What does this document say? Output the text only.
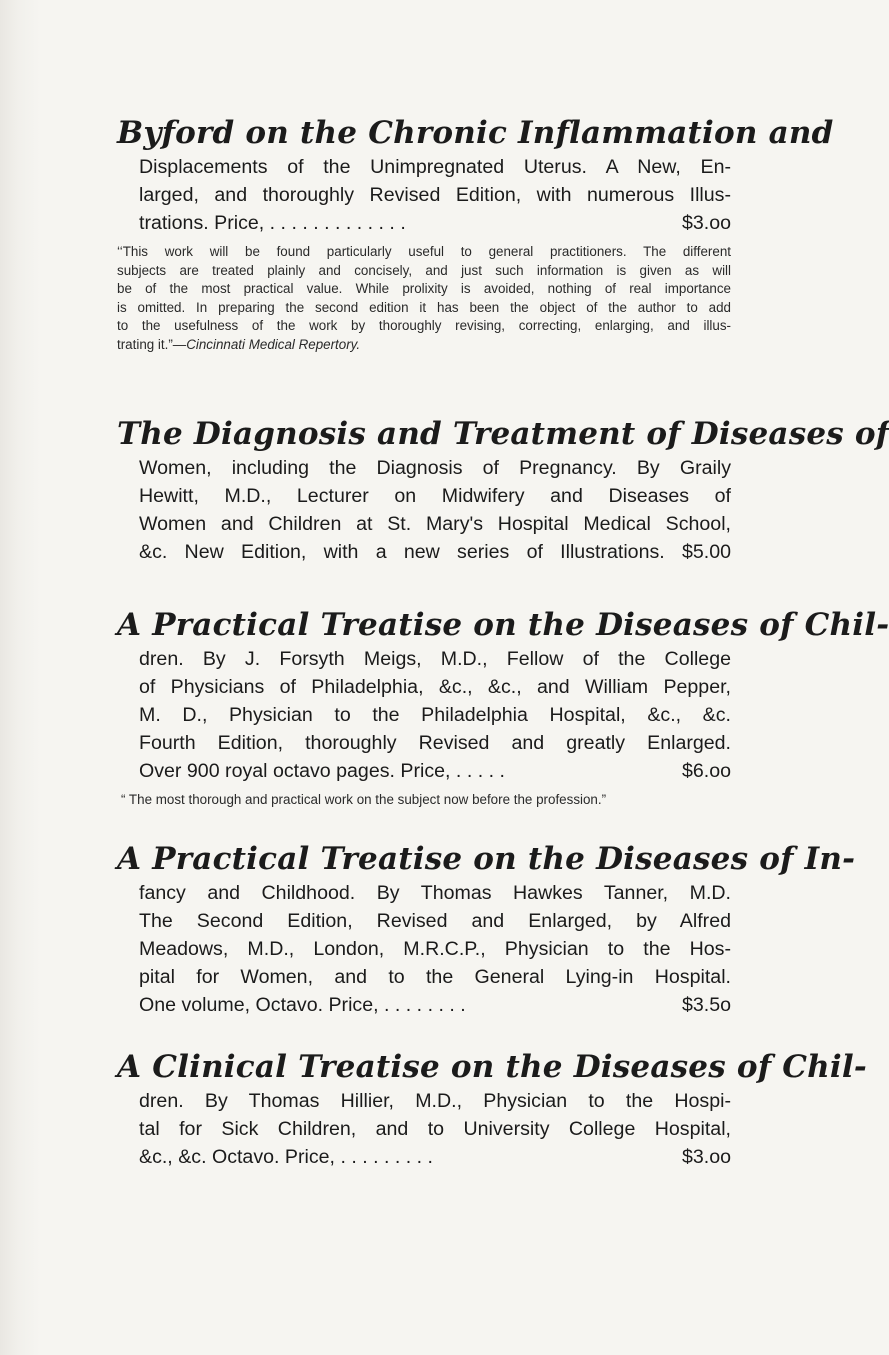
Byford on the Chronic Inflammation and
Displacements of the Unimpregnated Uterus. A New, En-
larged, and thoroughly Revised Edition, with numerous Illus-
trations. Price, . . . . . . . . . . . . .	$3.oo
‘‘This work will be found particularly useful to general practitioners. The different
subjects are treated plainly and concisely, and just such information is given as will
be of the most practical value. While prolixity is avoided, nothing of real importance
is omitted. In preparing the second edition it has been the object of the author to add
to the usefulness of the work by thoroughly revising, correcting, enlarging, and illus-
trating it.”—Cincinnati Medical Repertory.
The Diagnosis and Treatment of Diseases of
Women, including the Diagnosis of Pregnancy. By Graily
Hewitt, M.D., Lecturer on Midwifery and Diseases of
Women and Children at St. Mary's Hospital Medical School,
&c. New Edition, with a new series of Illustrations. $5.00
A Practical Treatise on the Diseases of Chil-
dren. By J. Forsyth Meigs, M.D., Fellow of the College
of Physicians of Philadelphia, &c., &c., and William Pepper,
M. D., Physician to the Philadelphia Hospital, &c., &c.
Fourth Edition, thoroughly Revised and greatly Enlarged.
Over 900 royal octavo pages. Price, . . . . .	$6.oo
“ The most thorough and practical work on the subject now before the profession.”
A Practical Treatise on the Diseases of In-
fancy and Childhood. By Thomas Hawkes Tanner, M.D.
The Second Edition, Revised and Enlarged, by Alfred
Meadows, M.D., London, M.R.C.P., Physician to the Hos-
pital for Women, and to the General Lying-in Hospital.
One volume, Octavo. Price, . . . . . . . .	$3.5o
A Clinical Treatise on the Diseases of Chil-
dren. By Thomas Hillier, M.D., Physician to the Hospi-
tal for Sick Children, and to University College Hospital,
&c., &c. Octavo. Price, . . . . . . . . .	$3.oo
